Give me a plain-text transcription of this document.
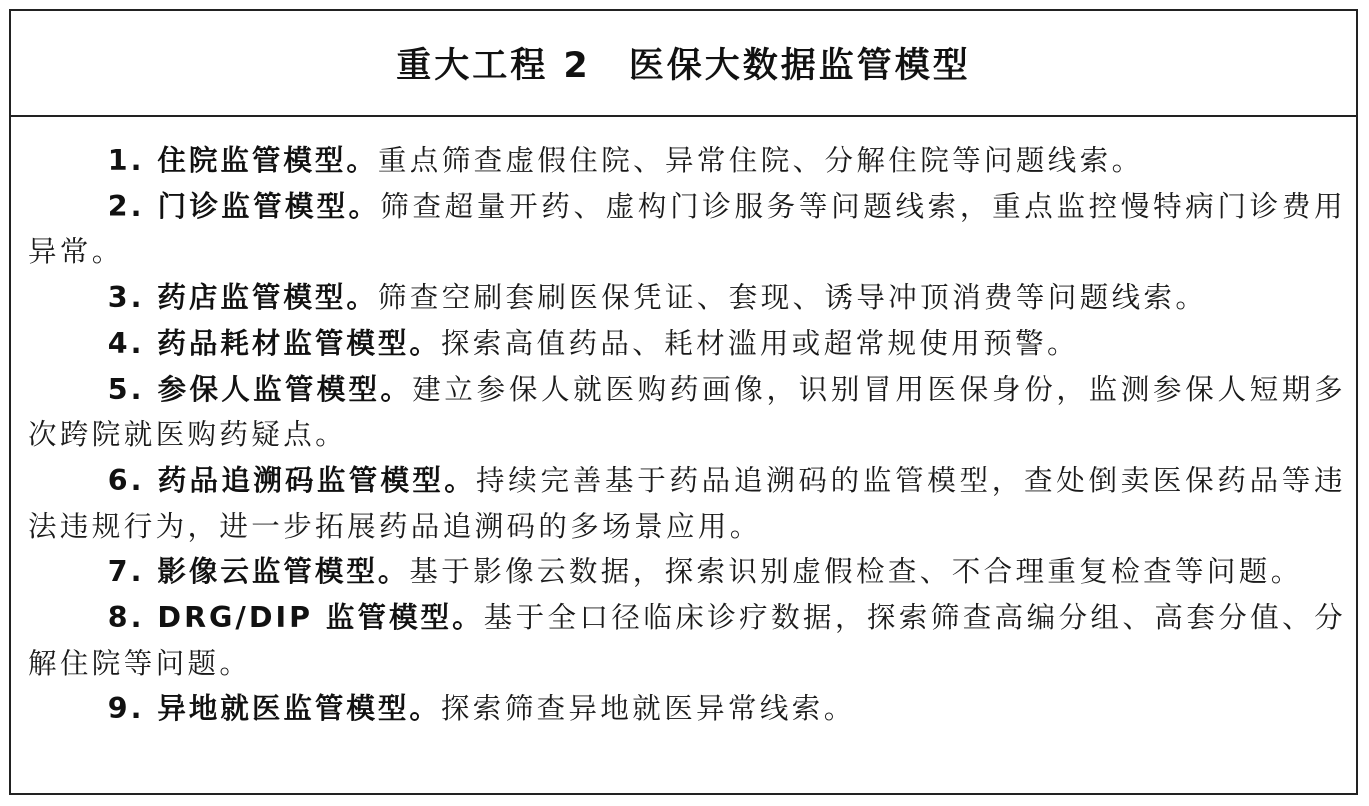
重大工程 2　医保大数据监管模型

1. 住院监管模型。重点筛查虚假住院、异常住院、分解住院等问题线索。

2. 门诊监管模型。筛查超量开药、虚构门诊服务等问题线索，重点监控慢特病门诊费用异常。

3. 药店监管模型。筛查空刷套刷医保凭证、套现、诱导冲顶消费等问题线索。

4. 药品耗材监管模型。探索高值药品、耗材滥用或超常规使用预警。

5. 参保人监管模型。建立参保人就医购药画像，识别冒用医保身份，监测参保人短期多次跨院就医购药疑点。

6. 药品追溯码监管模型。持续完善基于药品追溯码的监管模型，查处倒卖医保药品等违法违规行为，进一步拓展药品追溯码的多场景应用。

7. 影像云监管模型。基于影像云数据，探索识别虚假检查、不合理重复检查等问题。

8. DRG/DIP 监管模型。基于全口径临床诊疗数据，探索筛查高编分组、高套分值、分解住院等问题。

9. 异地就医监管模型。探索筛查异地就医异常线索。
